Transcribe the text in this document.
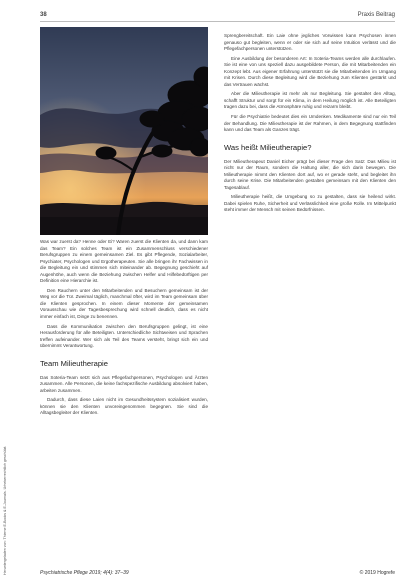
38	Praxis Beitrag
Heruntergeladen von: Thieme E-Books & E-Journals. Urheberrechtlich geschützt.

Was war zuerst da? Henne oder Ei? Waren zuerst die Klienten da, und dann kam das Team? Ein solches Team ist ein Zusammenschluss verschiedener Berufsgruppen zu einem gemeinsamen Ziel. Es gibt Pflegende, Sozialarbeiter, Psychiater, Psychologen und Ergotherapeuten. Sie alle bringen ihr Fachwissen in die Begleitung ein und stimmen sich miteinander ab. Begegnung geschieht auf Augenhöhe, auch wenn die Beziehung zwischen Helfer und Hilfebedürftigen per Definition eine Hierarchie ist.

Den Rauchern unter den Mitarbeitenden und Besuchern gemeinsam ist der Weg vor die Tür. Zweimal täglich, manchmal öfter, wird im Team gemeinsam über die Klienten gesprochen. In einem dieser Momente der gemeinsamen Vorausschau wie der Tagesbesprechung wird schnell deutlich, dass es nicht immer einfach ist, Dinge zu benennen.

Dass die Kommunikation zwischen den Berufsgruppen gelingt, ist eine Herausforderung für alle Beteiligten. Unterschiedliche Sichtweisen und Sprachen treffen aufeinander. Wer sich als Teil des Teams versteht, bringt sich ein und übernimmt Verantwortung.

Team Milieutherapie

Das Soteria-Team setzt sich aus Pflegefachpersonen, Psychologen und Ärzten zusammen. Alle Personen, die keine fachspezifische Ausbildung absolviert haben, arbeiten zusammen.

Dadurch, dass diese Laien nicht im Gesundheitssystem sozialisiert wurden, können sie den Klienten unvoreingenommen begegnen. Sie sind die Alltagsbegleiter der Klienten.

Sprengbereitschaft. Ein Laie ohne jegliches Vorwissen kann Psychosen innen genauso gut begleiten, wenn er oder sie sich auf seine Intuition verlässt und die Pflegefachpersonen unterstützen.

Eine Ausbildung der besonderen Art: In Soteria-Teams werden alle durchlaufen. Sie ist eine von uns speziell dazu ausgebildete Person, die mit Mitarbeitenden ein Konzept lebt. Aus eigener Erfahrung unterstützt sie die Mitarbeitenden im Umgang mit Krisen. Durch diese Begleitung wird die Beziehung zum Klienten gestärkt und das Vertrauen wächst.

Aber die Milieutherapie ist mehr als nur Begleitung. Sie gestaltet den Alltag, schafft Struktur und sorgt für ein Klima, in dem Heilung möglich ist. Alle Beteiligten tragen dazu bei, dass die Atmosphäre ruhig und reizarm bleibt.

Für die Psychiatrie bedeutet dies ein Umdenken. Medikamente sind nur ein Teil der Behandlung. Die Milieutherapie ist der Rahmen, in dem Begegnung stattfinden kann und das Team als Ganzes trägt.

Was heißt Milieutherapie?

Der Milieutherapeut Daniel Eicher prägt bei dieser Frage den Satz: Das Milieu ist nicht nur der Raum, sondern die Haltung aller, die sich darin bewegen. Die Milieutherapie nimmt den Klienten dort auf, wo er gerade steht, und begleitet ihn durch seine Krise. Die Mitarbeitenden gestalten gemeinsam mit den Klienten den Tagesablauf.

Milieutherapie heißt, die Umgebung so zu gestalten, dass sie heilend wirkt. Dabei spielen Ruhe, Sicherheit und Verlässlichkeit eine große Rolle. Im Mittelpunkt steht immer der Mensch mit seinen Bedürfnissen.

Psychiatrische Pflege 2019; 4(4): 37–39	© 2019 Hogrefe
